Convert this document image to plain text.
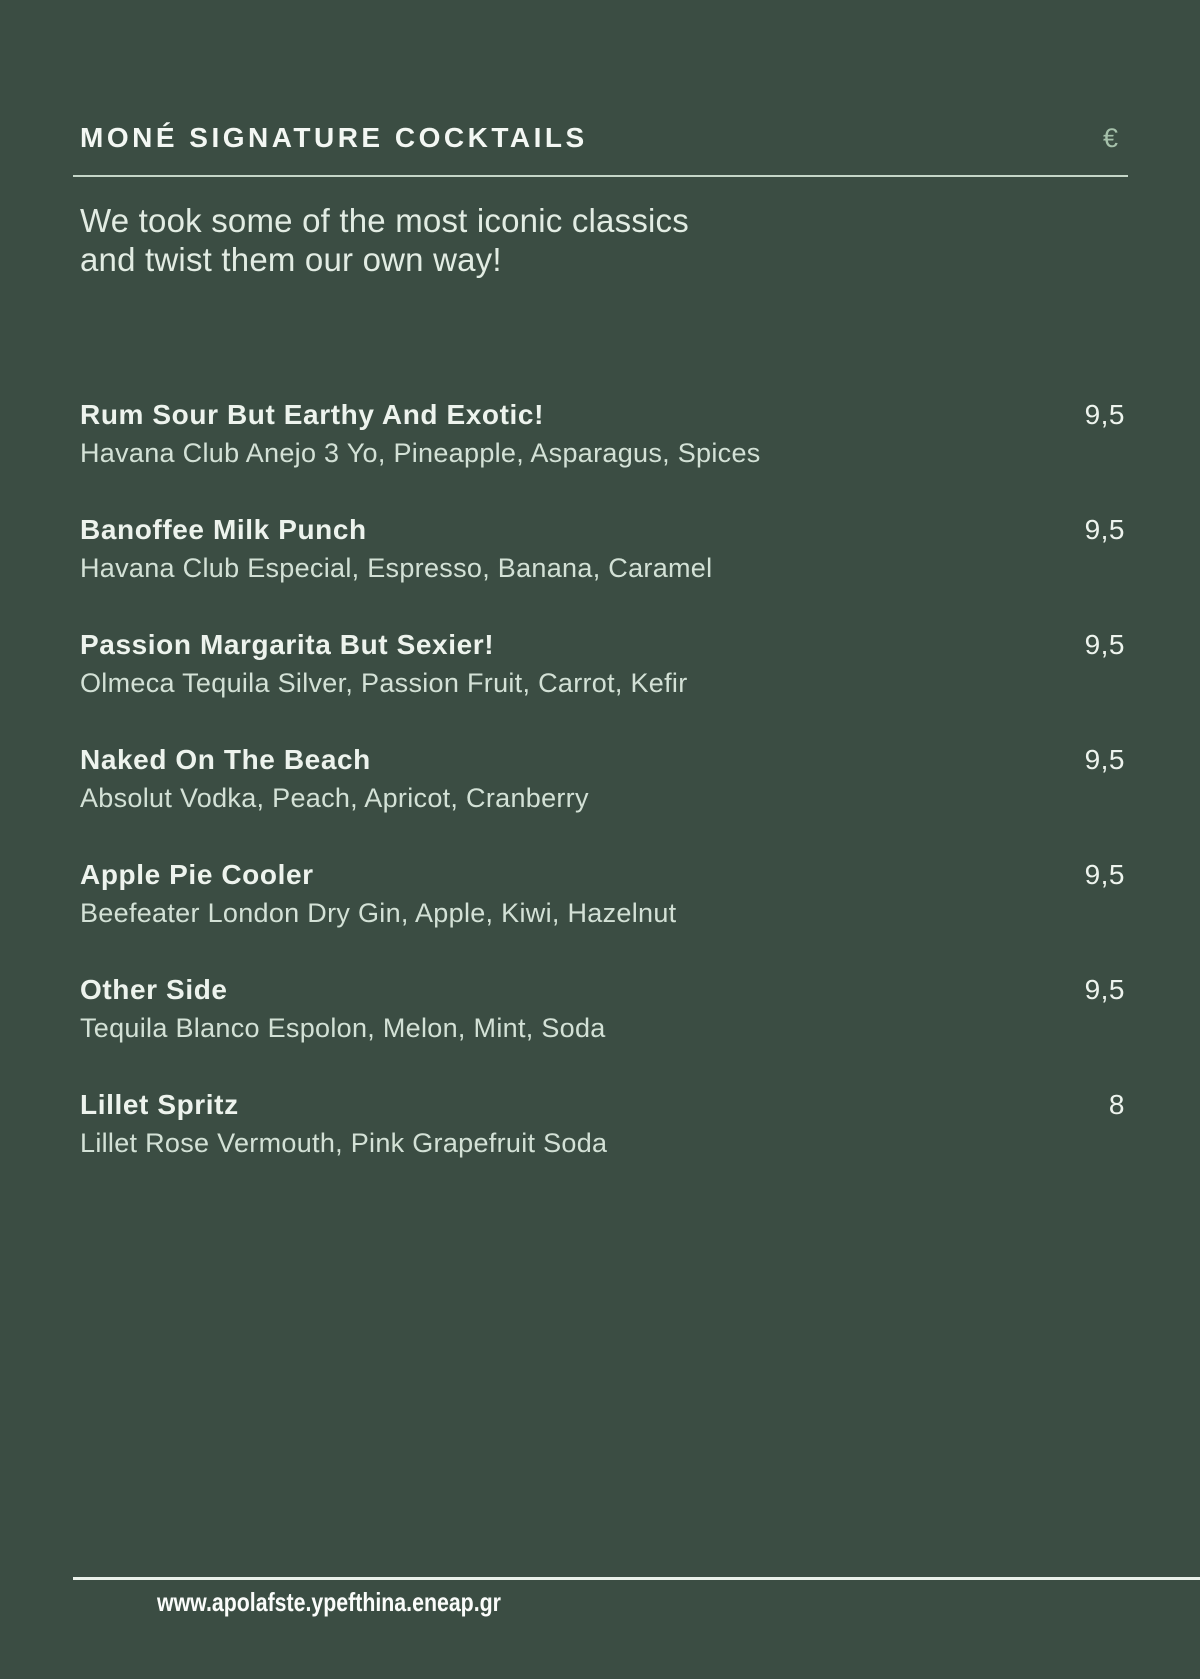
MONÉ SIGNATURE COCKTAILS	€
We took some of the most iconic classics
and twist them our own way!
Rum Sour But Earthy And Exotic!	9,5
Havana Club Anejo 3 Yo, Pineapple, Asparagus, Spices
Banoffee Milk Punch	9,5
Havana Club Especial, Espresso, Banana, Caramel
Passion Margarita But Sexier!	9,5
Olmeca Tequila Silver, Passion Fruit, Carrot, Kefir
Naked On The Beach	9,5
Absolut Vodka, Peach, Apricot, Cranberry
Apple Pie Cooler	9,5
Beefeater London Dry Gin, Apple, Kiwi, Hazelnut
Other Side	9,5
Tequila Blanco Espolon, Melon, Mint, Soda
Lillet Spritz	8
Lillet Rose Vermouth, Pink Grapefruit Soda
www.apolafste.ypefthina.eneap.gr
